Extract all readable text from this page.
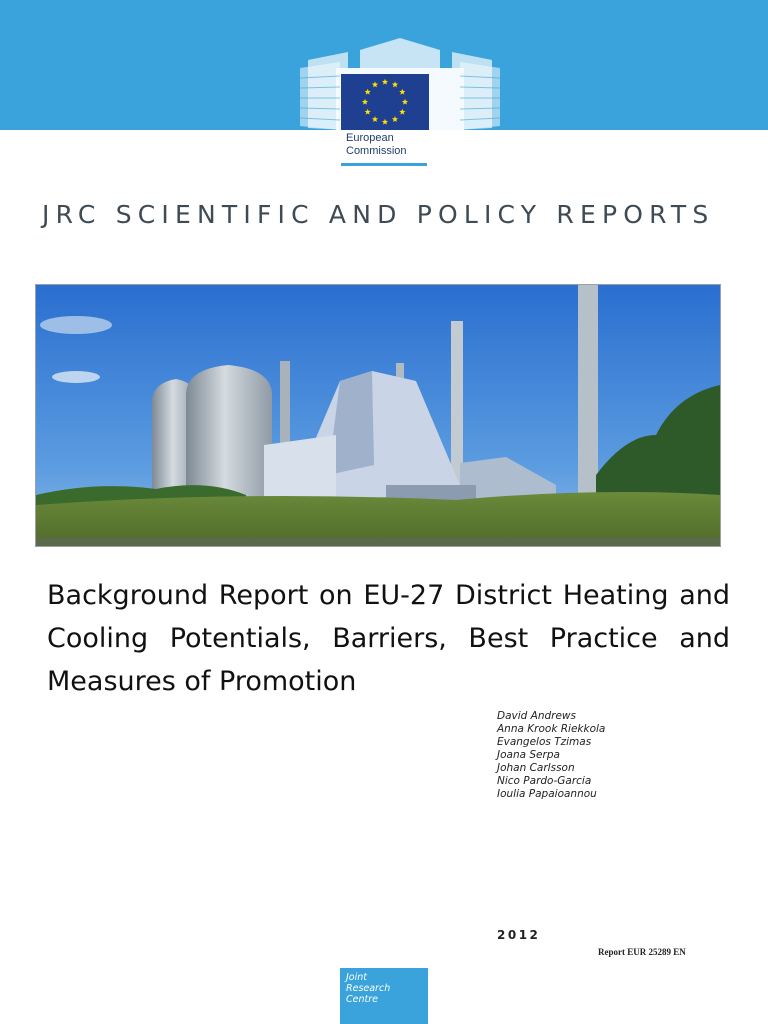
European
Commission
JRC SCIENTIFIC AND POLICY REPORTS
Background Report on EU-27 District Heating and Cooling Potentials, Barriers, Best Practice and Measures of Promotion
David Andrews
Anna Krook Riekkola
Evangelos Tzimas
Joana Serpa
Johan Carlsson
Nico Pardo-Garcia
Ioulia Papaioannou
2012
Report EUR 25289 EN
Joint
Research
Centre
